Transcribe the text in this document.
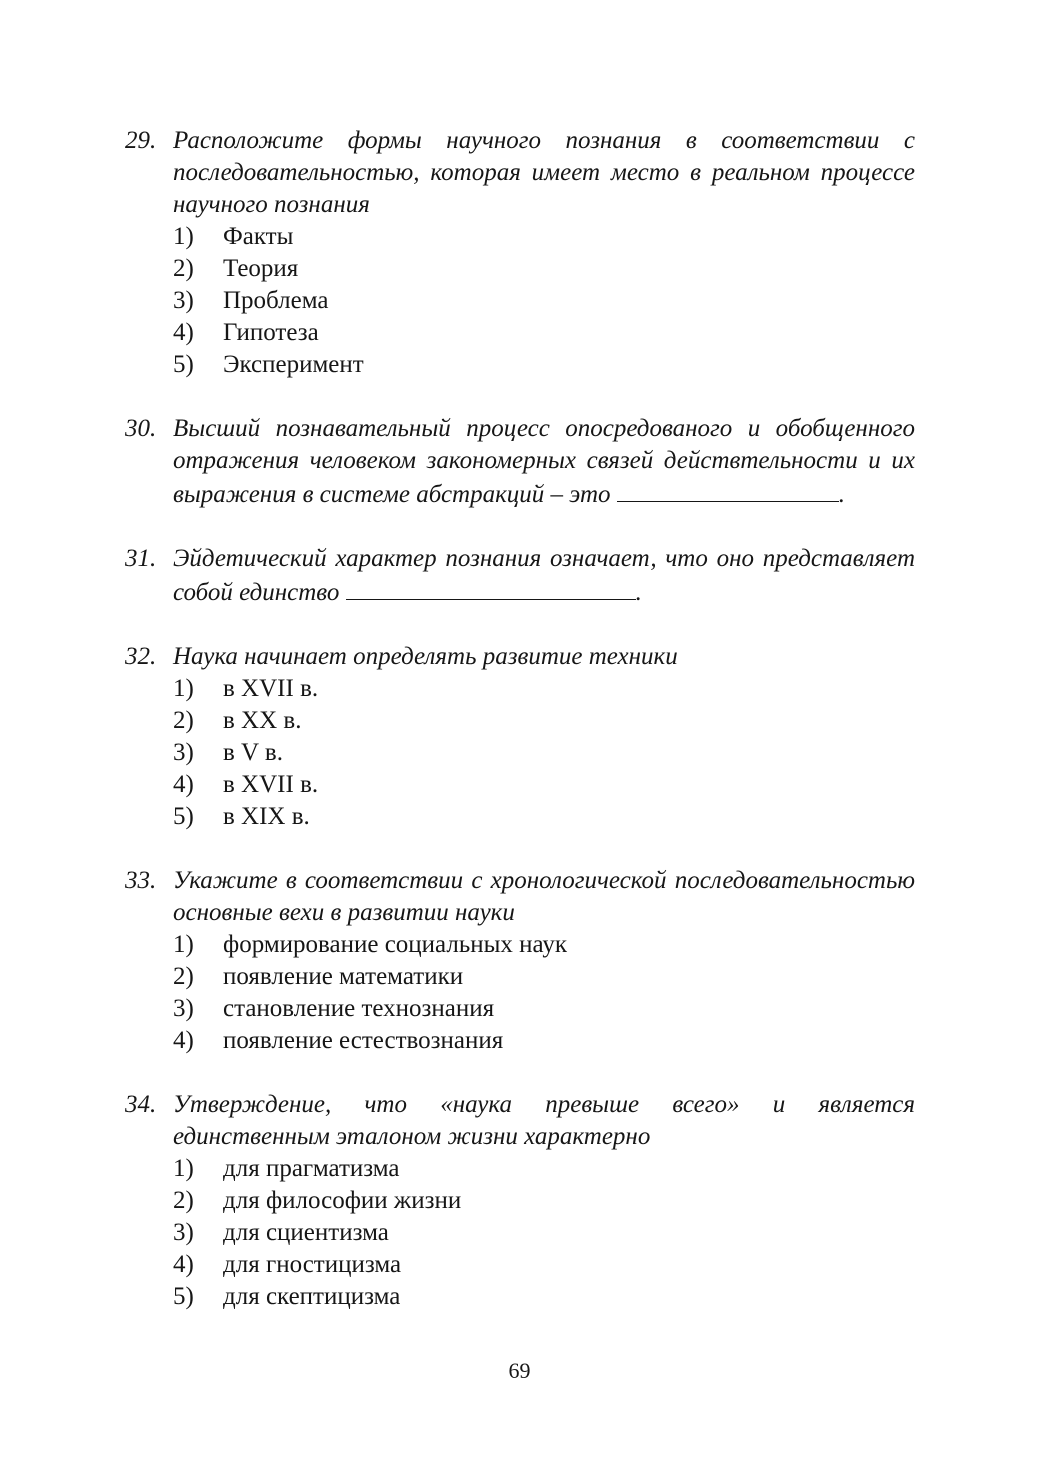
29. Расположите формы научного познания в соответствии с последовательностью, которая имеет место в реальном процессе научного познания
1)	Факты
2)	Теория
3)	Проблема
4)	Гипотеза
5)	Эксперимент
30. Высший познавательный процесс опосредованого и обобщенного отражения человеком закономерных связей действтельности и их выражения в системе абстракций – это	.
31. Эйдетический характер познания означает, что оно представляет собой единство	.
32. Наука начинает определять развитие техники
1)	в XVII в.
2)	в XX в.
3)	в V в.
4)	в XVII в.
5)	в XIX в.
33. Укажите в соответствии с хронологической последовательностью основные вехи в развитии науки
1)	формирование социальных наук
2)	появление математики
3)	становление технознания
4)	появление естествознания
34. Утверждение, что «наука превыше всего» и является единственным эталоном жизни характерно
1)	для прагматизма
2)	для философии жизни
3)	для сциентизма
4)	для гностицизма
5)	для скептицизма
69
